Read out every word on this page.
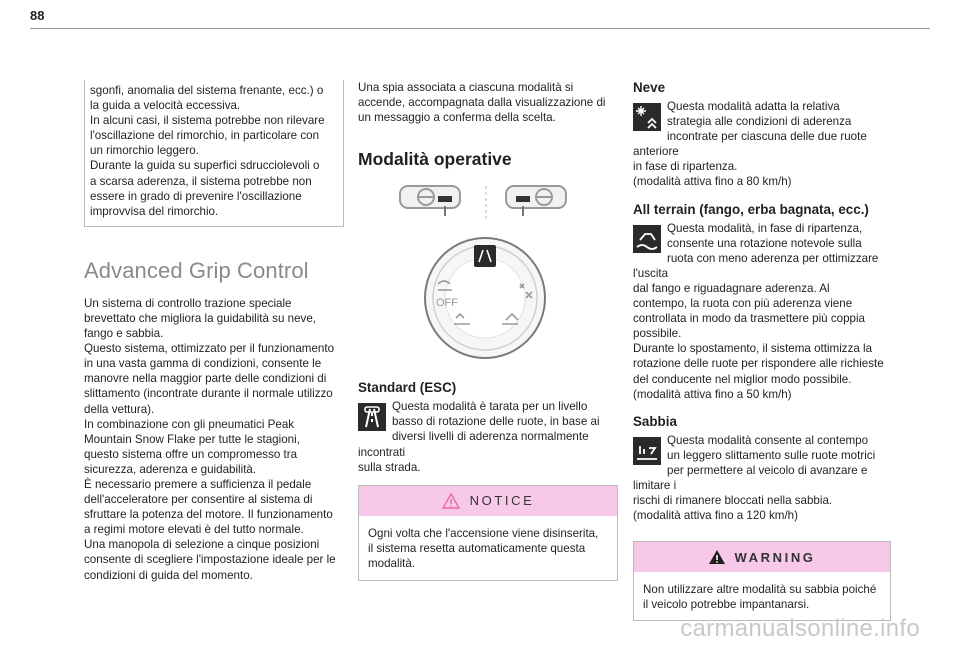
88

sgonfi, anomalia del sistema frenante, ecc.) o
la guida a velocità eccessiva.
In alcuni casi, il sistema potrebbe non rilevare
l'oscillazione del rimorchio, in particolare con
un rimorchio leggero.
Durante la guida su superfici sdrucciolevoli o
a scarsa aderenza, il sistema potrebbe non
essere in grado di prevenire l'oscillazione
improvvisa del rimorchio.

Advanced Grip Control

Un sistema di controllo trazione speciale
brevettato che migliora la guidabilità su neve,
fango e sabbia.
Questo sistema, ottimizzato per il funzionamento
in una vasta gamma di condizioni, consente le
manovre nella maggior parte delle condizioni di
slittamento (incontrate durante il normale utilizzo
della vettura).
In combinazione con gli pneumatici Peak
Mountain Snow Flake per tutte le stagioni,
questo sistema offre un compromesso tra
sicurezza, aderenza e guidabilità.
È necessario premere a sufficienza il pedale
dell'acceleratore per consentire al sistema di
sfruttare la potenza del motore. Il funzionamento
a regimi motore elevati è del tutto normale.
Una manopola di selezione a cinque posizioni
consente di scegliere l'impostazione ideale per le
condizioni di guida del momento.

Una spia associata a ciascuna modalità si
accende, accompagnata dalla visualizzazione di
un messaggio a conferma della scelta.

Modalità operative
OFF
Standard (ESC)

Questa modalità è tarata per un livello
basso di rotazione delle ruote, in base ai
diversi livelli di aderenza normalmente incontrati
sulla strada.

NOTICE

Ogni volta che l'accensione viene disinserita,
il sistema resetta automaticamente questa
modalità.

Neve

Questa modalità adatta la relativa
strategia alle condizioni di aderenza
incontrate per ciascuna delle due ruote anteriore
in fase di ripartenza.
(modalità attiva fino a 80 km/h)

All terrain (fango, erba bagnata, ecc.)

Questa modalità, in fase di ripartenza,
consente una rotazione notevole sulla
ruota con meno aderenza per ottimizzare l'uscita
dal fango e riguadagnare aderenza. Al
contempo, la ruota con più aderenza viene
controllata in modo da trasmettere più coppia
possibile.
Durante lo spostamento, il sistema ottimizza la
rotazione delle ruote per rispondere alle richieste
del conducente nel miglior modo possibile.
(modalità attiva fino a 50 km/h)

Sabbia

Questa modalità consente al contempo
un leggero slittamento sulle ruote motrici
per permettere al veicolo di avanzare e limitare i
rischi di rimanere bloccati nella sabbia.
(modalità attiva fino a 120 km/h)

WARNING

Non utilizzare altre modalità su sabbia poiché
il veicolo potrebbe impantanarsi.

carmanualsonline.info
